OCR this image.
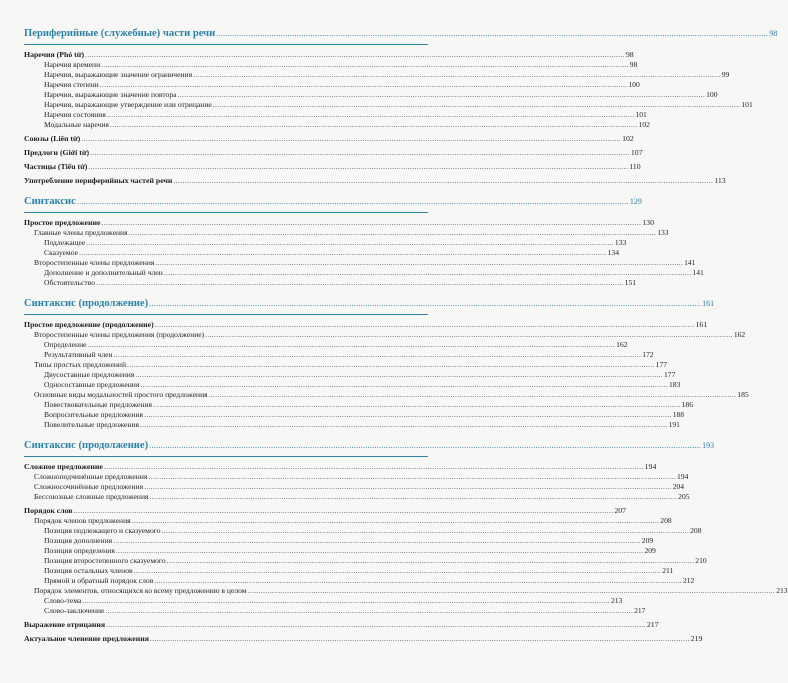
Периферийные (служебные) части речи .....	98
Наречия (Phó từ) .....	98
Наречия времени .....	98
Наречия, выражающие значение ограничения .....	99
Наречия степени .....	100
Наречия, выражающие значение повтора .....	100
Наречия, выражающие утверждение или отрицание .....	101
Наречия состояния .....	101
Модальные наречия .....	102
Союзы (Liên từ) .....	102
Предлоги (Giới từ) .....	107
Частицы (Tiểu từ) .....	110
Употребление периферийных частей речи .....	113
Синтаксис .....	129
Простое предложение .....	130
Главные члены предложения .....	133
Подлежащее .....	133
Сказуемое .....	134
Второстепенные члены предложения .....	141
Дополнение и дополнительный член .....	141
Обстоятельство .....	151
Синтаксис (продолжение) .....	161
Простое предложение (продолжение) .....	161
Второстепенные члены предложения (продолжение) .....	162
Определение .....	162
Результативный член .....	172
Типы простых предложений .....	177
Двусоставные предложения .....	177
Односоставные предложения .....	183
Основные виды модальностей простого предложения .....	185
Повествовательные предложения .....	186
Вопросительные предложения .....	188
Повелительные предложения .....	191
Синтаксис (продолжение) .....	193
Сложное предложение .....	194
Сложноподчинённые предложения .....	194
Сложносочинённые предложения .....	204
Бессоюзные сложные предложения .....	205
Порядок слов .....	207
Порядок членов предложения .....	208
Позиция подлежащего и сказуемого .....	208
Позиция дополнения .....	209
Позиция определения .....	209
Позиция второстепенного сказуемого .....	210
Позиция остальных членов .....	211
Прямой и обратный порядок слов .....	212
Порядок элементов, относящихся ко всему предложению в целом .....	213
Слово-тема .....	213
Слово-заключение .....	217
Выражение отрицания .....	217
Актуальное членение предложения .....	219
